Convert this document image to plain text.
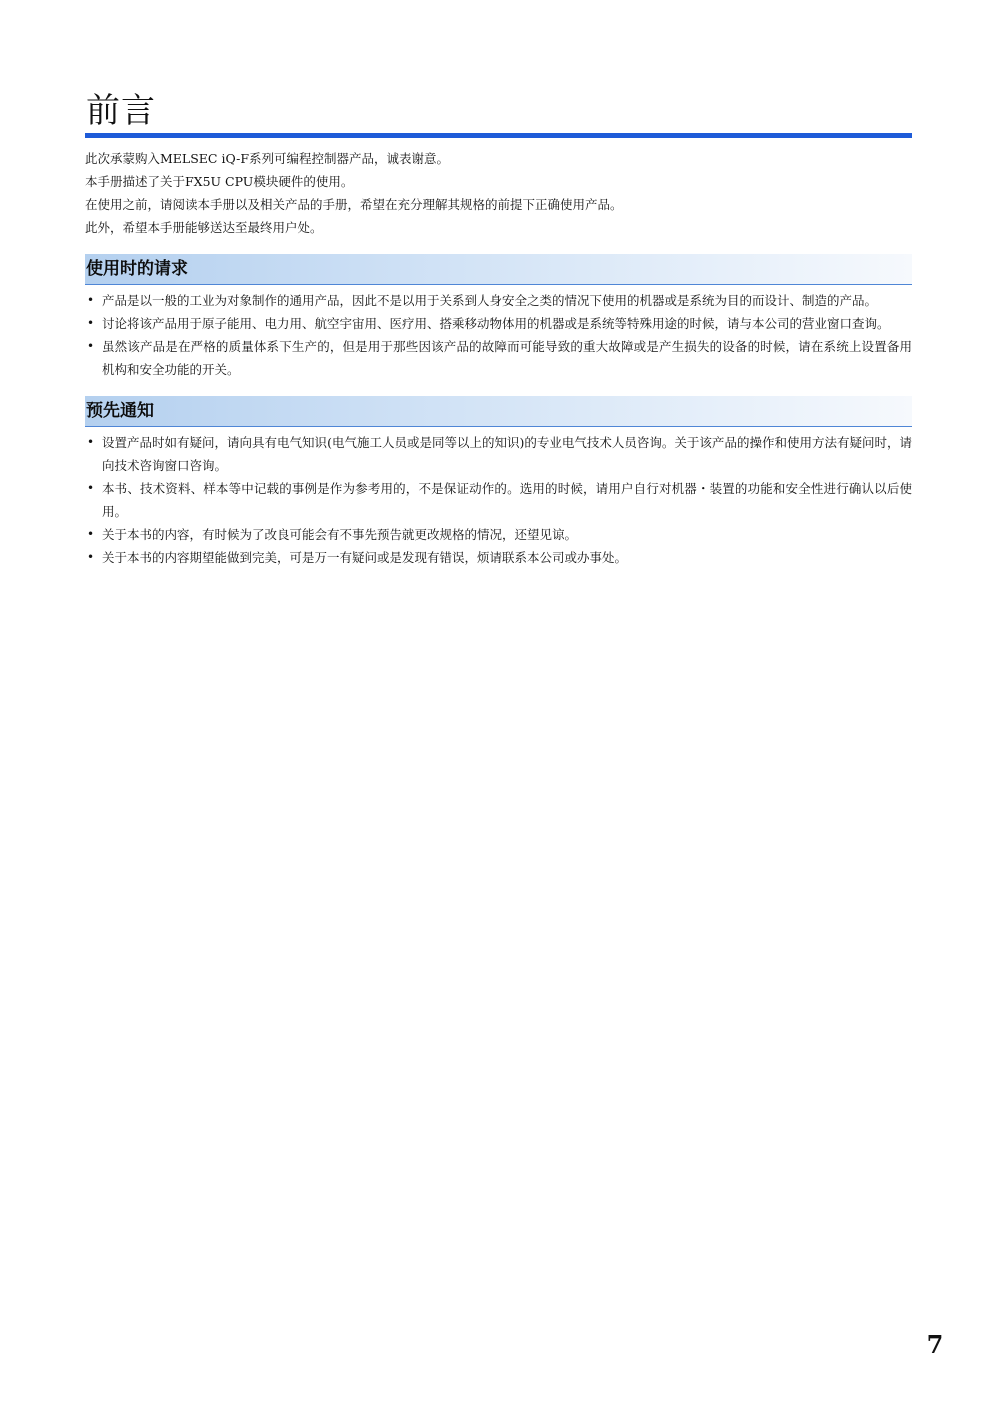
前言

此次承蒙购入MELSEC iQ-F系列可编程控制器产品，诚表谢意。

本手册描述了关于FX5U CPU模块硬件的使用。

在使用之前，请阅读本手册以及相关产品的手册，希望在充分理解其规格的前提下正确使用产品。

此外，希望本手册能够送达至最终用户处。

使用时的请求
• 产品是以一般的工业为对象制作的通用产品，因此不是以用于关系到人身安全之类的情况下使用的机器或是系统为目的而设计、制造的产品。
• 讨论将该产品用于原子能用、电力用、航空宇宙用、医疗用、搭乘移动物体用的机器或是系统等特殊用途的时候，请与本公司的营业窗口查询。
• 虽然该产品是在严格的质量体系下生产的，但是用于那些因该产品的故障而可能导致的重大故障或是产生损失的设备的时候，请在系统上设置备用机构和安全功能的开关。
预先通知
• 设置产品时如有疑问，请向具有电气知识(电气施工人员或是同等以上的知识)的专业电气技术人员咨询。关于该产品的操作和使用方法有疑问时，请向技术咨询窗口咨询。
• 本书、技术资料、样本等中记载的事例是作为参考用的，不是保证动作的。选用的时候，请用户自行对机器・装置的功能和安全性进行确认以后使用。
• 关于本书的内容，有时候为了改良可能会有不事先预告就更改规格的情况，还望见谅。
• 关于本书的内容期望能做到完美，可是万一有疑问或是发现有错误，烦请联系本公司或办事处。
7
